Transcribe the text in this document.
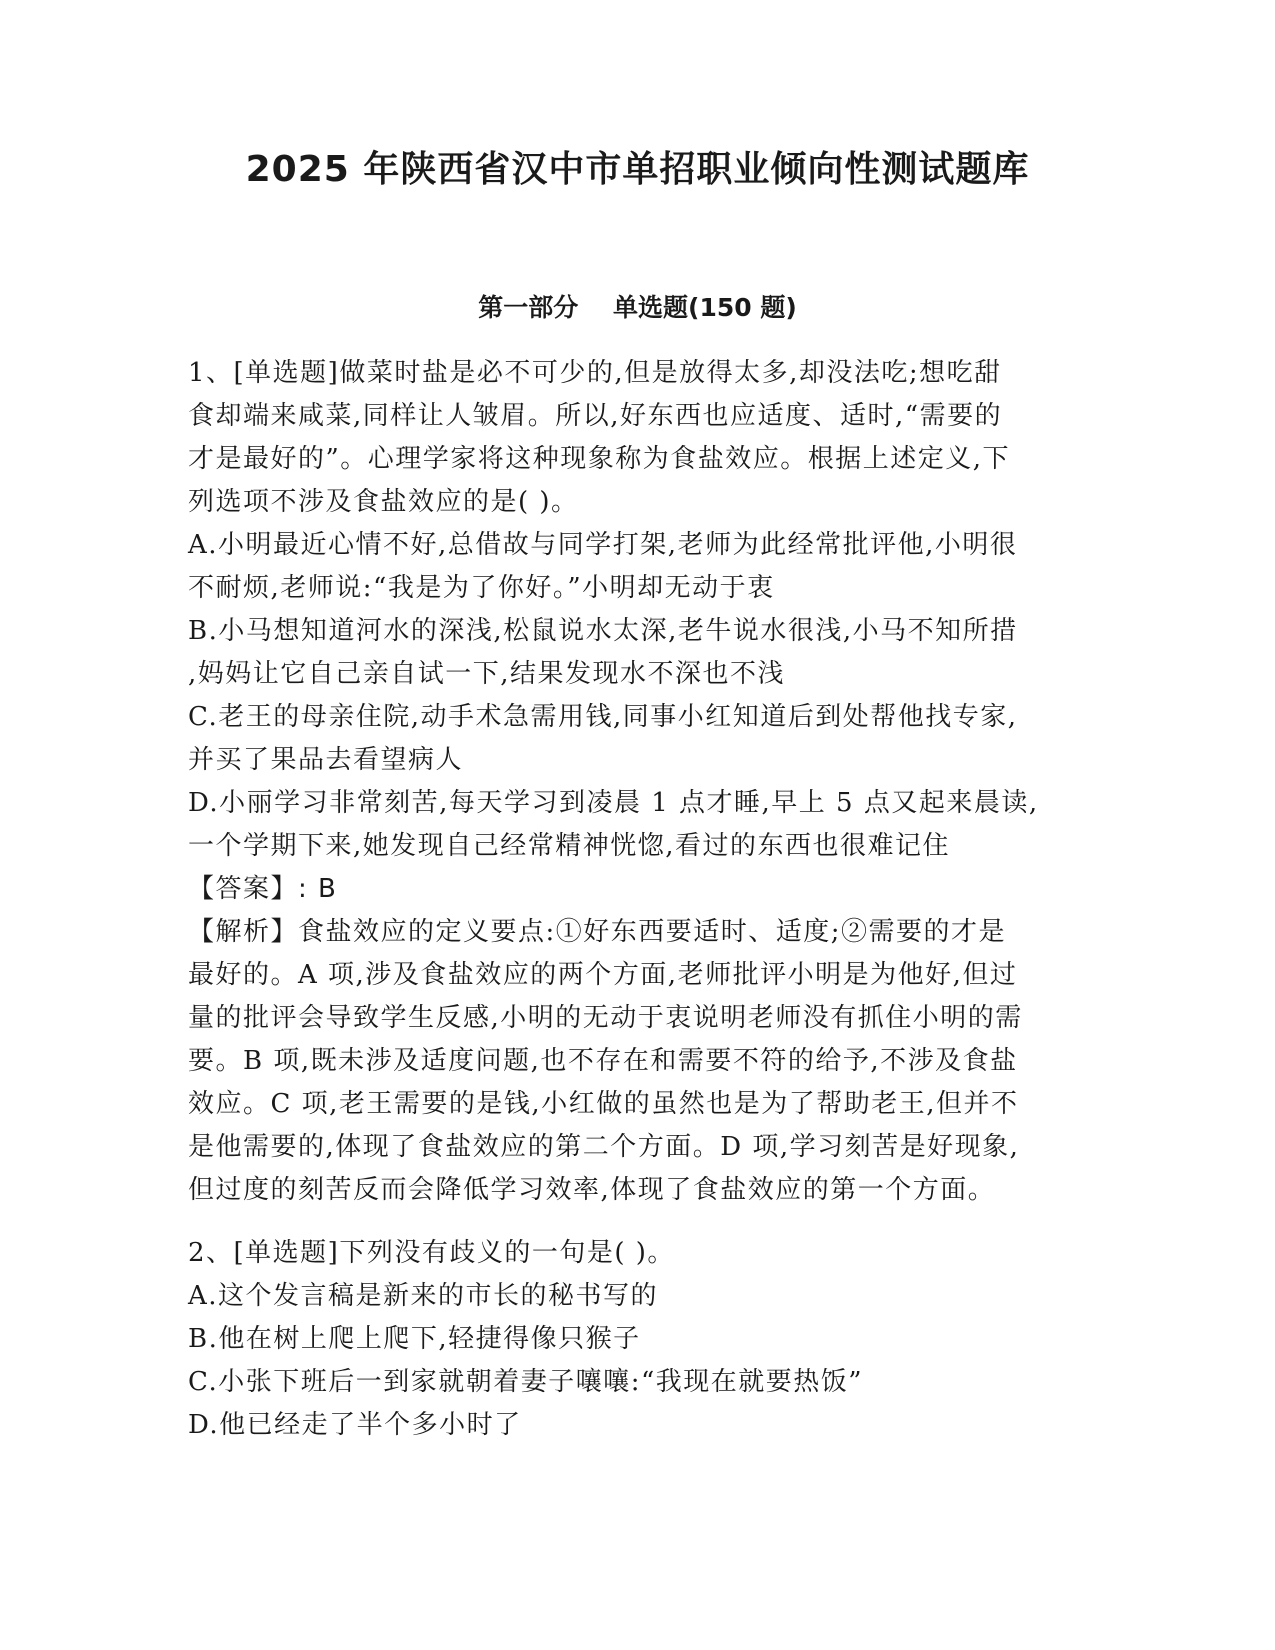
2025 年陕西省汉中市单招职业倾向性测试题库
第一部分    单选题(150 题)
1、[单选题]做菜时盐是必不可少的,但是放得太多,却没法吃;想吃甜
食却端来咸菜,同样让人皱眉。所以,好东西也应适度、适时,“需要的
才是最好的”。心理学家将这种现象称为食盐效应。根据上述定义,下
列选项不涉及食盐效应的是( )。
A.小明最近心情不好,总借故与同学打架,老师为此经常批评他,小明很
不耐烦,老师说:“我是为了你好。”小明却无动于衷
B.小马想知道河水的深浅,松鼠说水太深,老牛说水很浅,小马不知所措
,妈妈让它自己亲自试一下,结果发现水不深也不浅
C.老王的母亲住院,动手术急需用钱,同事小红知道后到处帮他找专家,
并买了果品去看望病人
D.小丽学习非常刻苦,每天学习到凌晨 1 点才睡,早上 5 点又起来晨读,
一个学期下来,她发现自己经常精神恍惚,看过的东西也很难记住
【答案】: B
【解析】食盐效应的定义要点:①好东西要适时、适度;②需要的才是
最好的。A 项,涉及食盐效应的两个方面,老师批评小明是为他好,但过
量的批评会导致学生反感,小明的无动于衷说明老师没有抓住小明的需
要。B 项,既未涉及适度问题,也不存在和需要不符的给予,不涉及食盐
效应。C 项,老王需要的是钱,小红做的虽然也是为了帮助老王,但并不
是他需要的,体现了食盐效应的第二个方面。D 项,学习刻苦是好现象,
但过度的刻苦反而会降低学习效率,体现了食盐效应的第一个方面。
2、[单选题]下列没有歧义的一句是( )。
A.这个发言稿是新来的市长的秘书写的
B.他在树上爬上爬下,轻捷得像只猴子
C.小张下班后一到家就朝着妻子嚷嚷:“我现在就要热饭”
D.他已经走了半个多小时了
